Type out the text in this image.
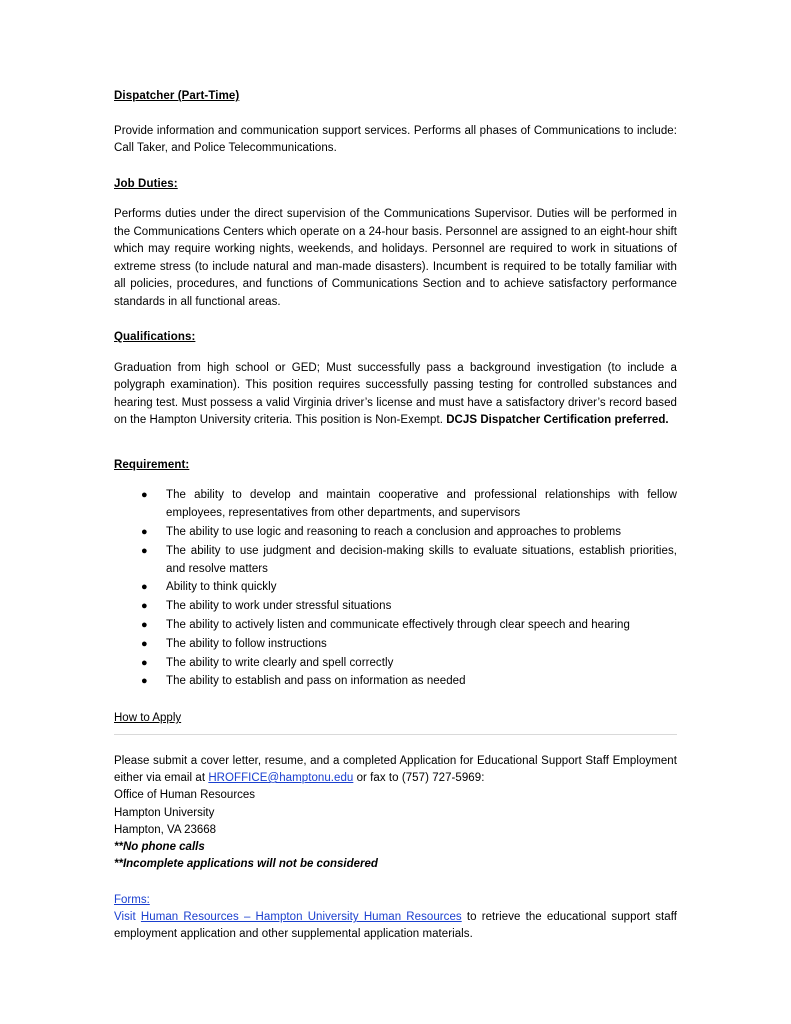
Dispatcher (Part-Time)

Provide information and communication support services. Performs all phases of Communications to include: Call Taker, and Police Telecommunications.

Job Duties:

Performs duties under the direct supervision of the Communications Supervisor. Duties will be performed in the Communications Centers which operate on a 24-hour basis. Personnel are assigned to an eight-hour shift which may require working nights, weekends, and holidays. Personnel are required to work in situations of extreme stress (to include natural and man-made disasters). Incumbent is required to be totally familiar with all policies, procedures, and functions of Communications Section and to achieve satisfactory performance standards in all functional areas.

Qualifications:

Graduation from high school or GED; Must successfully pass a background investigation (to include a polygraph examination). This position requires successfully passing testing for controlled substances and hearing test. Must possess a valid Virginia driver’s license and must have a satisfactory driver’s record based on the Hampton University criteria. This position is Non-Exempt. DCJS Dispatcher Certification preferred.

Requirement:
● The ability to develop and maintain cooperative and professional relationships with fellow employees, representatives from other departments, and supervisors
● The ability to use logic and reasoning to reach a conclusion and approaches to problems
● The ability to use judgment and decision-making skills to evaluate situations, establish priorities, and resolve matters
● Ability to think quickly
● The ability to work under stressful situations
● The ability to actively listen and communicate effectively through clear speech and hearing
● The ability to follow instructions
● The ability to write clearly and spell correctly
● The ability to establish and pass on information as needed

How to Apply

Please submit a cover letter, resume, and a completed Application for Educational Support Staff Employment either via email at HROFFICE@hamptonu.edu or fax to (757) 727-5969:

Office of Human Resources

Hampton University

Hampton, VA 23668

**No phone calls

**Incomplete applications will not be considered

Forms:

Visit Human Resources – Hampton University Human Resources to retrieve the educational support staff employment application and other supplemental application materials.
